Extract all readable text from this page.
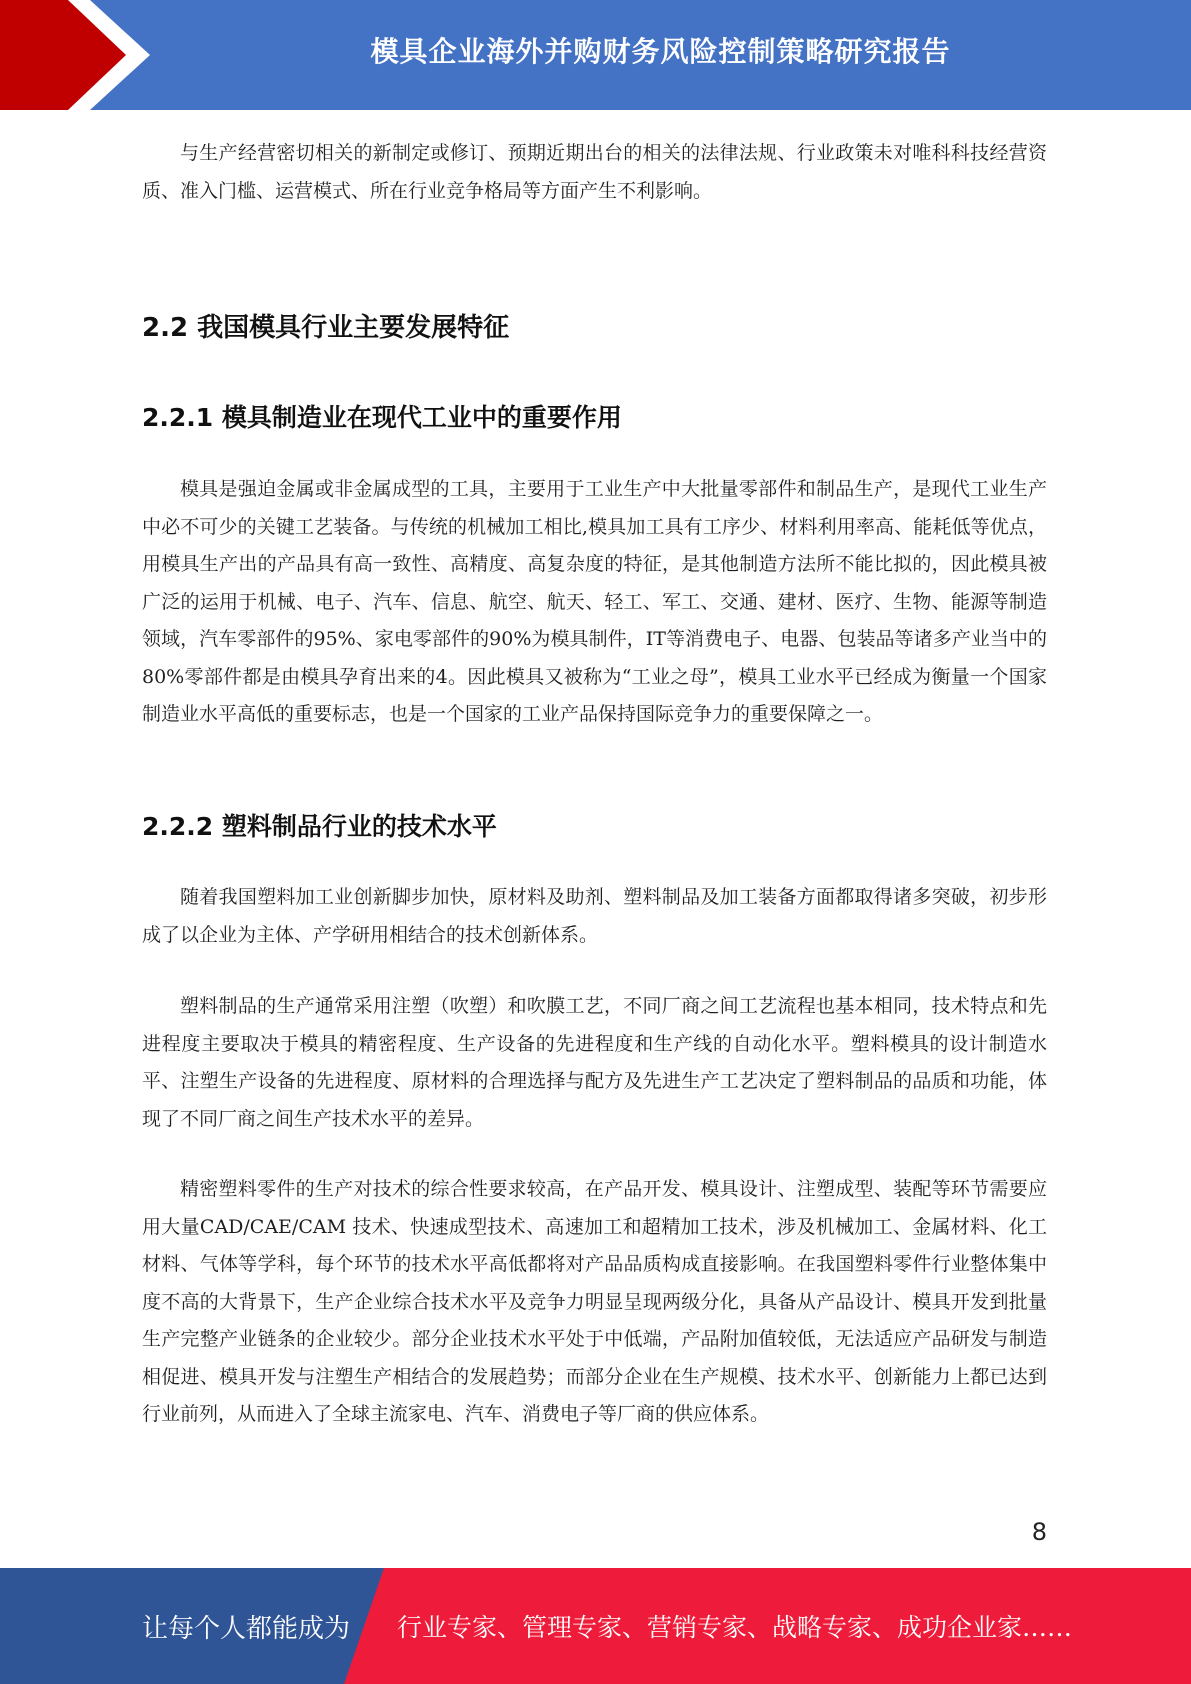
模具企业海外并购财务风险控制策略研究报告

与生产经营密切相关的新制定或修订、预期近期出台的相关的法律法规、行业政策未对唯科科技经营资质、准入门槛、运营模式、所在行业竞争格局等方面产生不利影响。

2.2 我国模具行业主要发展特征
2.2.1 模具制造业在现代工业中的重要作用

模具是强迫金属或非金属成型的工具，主要用于工业生产中大批量零部件和制品生产，是现代工业生产中必不可少的关键工艺装备。与传统的机械加工相比,模具加工具有工序少、材料利用率高、能耗低等优点，用模具生产出的产品具有高一致性、高精度、高复杂度的特征，是其他制造方法所不能比拟的，因此模具被广泛的运用于机械、电子、汽车、信息、航空、航天、轻工、军工、交通、建材、医疗、生物、能源等制造领域，汽车零部件的95%、家电零部件的90%为模具制件，IT等消费电子、电器、包装品等诸多产业当中的80%零部件都是由模具孕育出来的4。因此模具又被称为“工业之母”，模具工业水平已经成为衡量一个国家制造业水平高低的重要标志，也是一个国家的工业产品保持国际竞争力的重要保障之一。

2.2.2 塑料制品行业的技术水平

随着我国塑料加工业创新脚步加快，原材料及助剂、塑料制品及加工装备方面都取得诸多突破，初步形成了以企业为主体、产学研用相结合的技术创新体系。

塑料制品的生产通常采用注塑（吹塑）和吹膜工艺，不同厂商之间工艺流程也基本相同，技术特点和先进程度主要取决于模具的精密程度、生产设备的先进程度和生产线的自动化水平。塑料模具的设计制造水平、注塑生产设备的先进程度、原材料的合理选择与配方及先进生产工艺决定了塑料制品的品质和功能，体现了不同厂商之间生产技术水平的差异。

精密塑料零件的生产对技术的综合性要求较高，在产品开发、模具设计、注塑成型、装配等环节需要应用大量CAD/CAE/CAM 技术、快速成型技术、高速加工和超精加工技术，涉及机械加工、金属材料、化工材料、气体等学科，每个环节的技术水平高低都将对产品品质构成直接影响。在我国塑料零件行业整体集中度不高的大背景下，生产企业综合技术水平及竞争力明显呈现两级分化，具备从产品设计、模具开发到批量生产完整产业链条的企业较少。部分企业技术水平处于中低端，产品附加值较低，无法适应产品研发与制造相促进、模具开发与注塑生产相结合的发展趋势；而部分企业在生产规模、技术水平、创新能力上都已达到行业前列，从而进入了全球主流家电、汽车、消费电子等厂商的供应体系。

8
让每个人都能成为 行业专家、管理专家、营销专家、战略专家、成功企业家……
